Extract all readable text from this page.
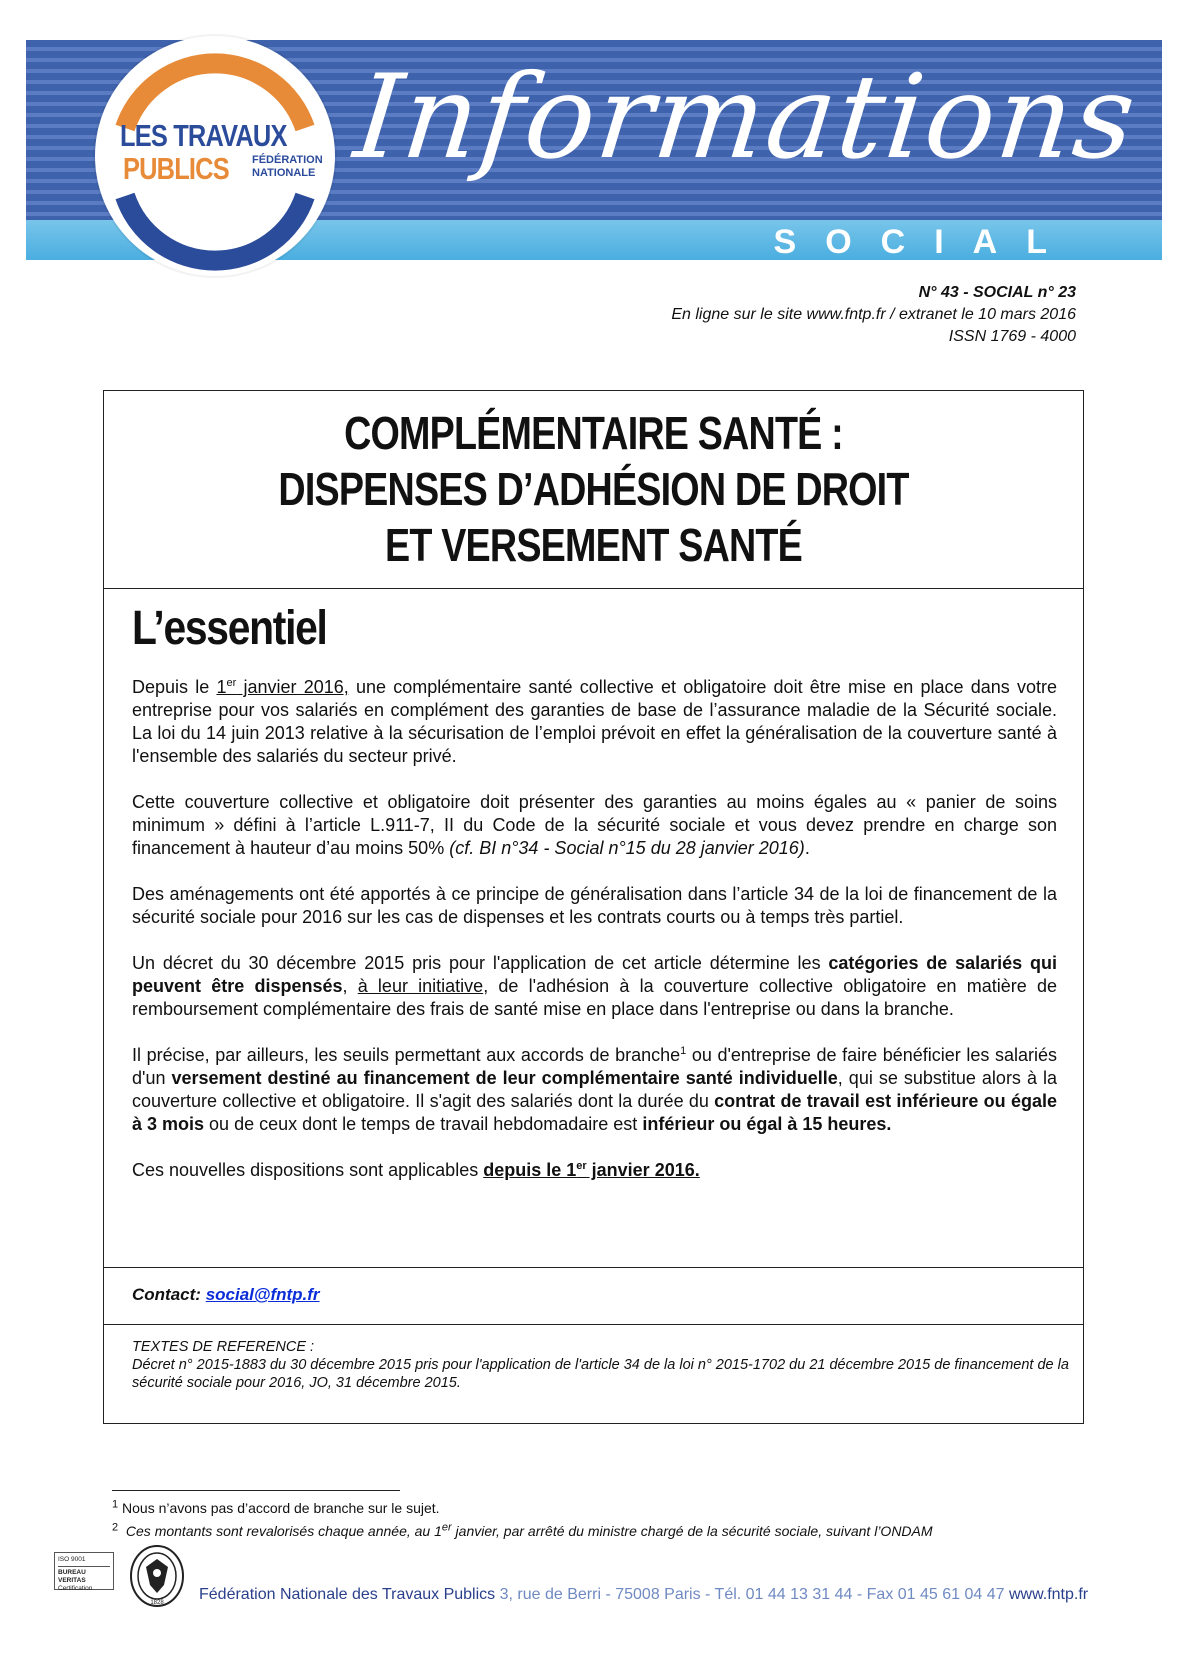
Informations
SOCIAL
LES TRAVAUX
PUBLICS FÉDÉRATION
NATIONALE
N° 43 - SOCIAL n° 23
En ligne sur le site www.fntp.fr / extranet le 10 mars 2016
ISSN 1769 - 4000
COMPLÉMENTAIRE SANTÉ :
DISPENSES D’ADHÉSION DE DROIT
ET VERSEMENT SANTÉ
L’essentiel

Depuis le 1er janvier 2016, une complémentaire santé collective et obligatoire doit être mise en place dans votre entreprise pour vos salariés en complément des garanties de base de l’assurance maladie de la Sécurité sociale. La loi du 14 juin 2013 relative à la sécurisation de l’emploi prévoit en effet la généralisation de la couverture santé à l'ensemble des salariés du secteur privé.

Cette couverture collective et obligatoire doit présenter des garanties au moins égales au « panier de soins minimum » défini à l’article L.911-7, II du Code de la sécurité sociale et vous devez prendre en charge son financement à hauteur d’au moins 50% (cf. BI n°34 - Social n°15 du 28 janvier 2016).

Des aménagements ont été apportés à ce principe de généralisation dans l’article 34 de la loi de financement de la sécurité sociale pour 2016 sur les cas de dispenses et les contrats courts ou à temps très partiel.

Un décret du 30 décembre 2015 pris pour l'application de cet article détermine les catégories de salariés qui peuvent être dispensés, à leur initiative, de l'adhésion à la couverture collective obligatoire en matière de remboursement complémentaire des frais de santé mise en place dans l'entreprise ou dans la branche.

Il précise, par ailleurs, les seuils permettant aux accords de branche$^1$ ou d'entreprise de faire bénéficier les salariés d'un versement destiné au financement de leur complémentaire santé individuelle, qui se substitue alors à la couverture collective et obligatoire. Il s'agit des salariés dont la durée du contrat de travail est inférieure ou égale à 3 mois ou de ceux dont le temps de travail hebdomadaire est inférieur ou égal à 15 heures.

Ces nouvelles dispositions sont applicables depuis le 1er janvier 2016.

Contact: social@fntp.fr
TEXTES DE REFERENCE :
Décret n° 2015-1883 du 30 décembre 2015 pris pour l'application de l'article 34 de la loi n° 2015-1702 du 21 décembre 2015 de financement de la sécurité sociale pour 2016, JO, 31 décembre 2015.
$^1$ Nous n’avons pas d’accord de branche sur le sujet.
$^2$ Ces montants sont revalorisés chaque année, au 1er janvier, par arrêté du ministre chargé de la sécurité sociale, suivant l’ONDAM
ISO 9001
BUREAU VERITAS
Certification
1828 Fédération Nationale des Travaux Publics 3, rue de Berri - 75008 Paris - Tél. 01 44 13 31 44 - Fax 01 45 61 04 47 www.fntp.fr
